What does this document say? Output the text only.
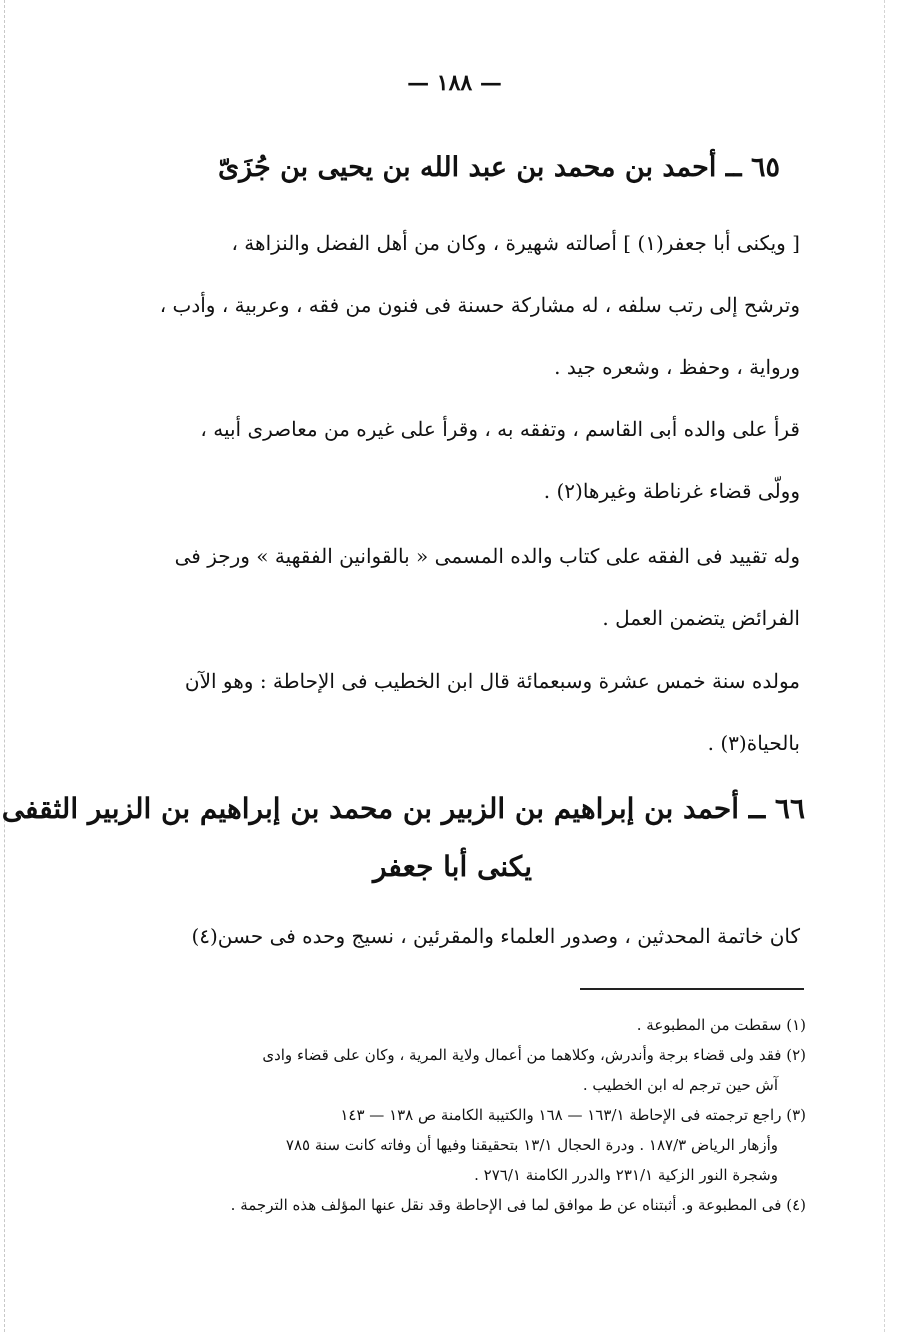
— ١٨٨ —
٦٥ ــ أحمد بن محمد بن عبد الله بن يحيى بن جُزَىّ
[ ويكنى أبا جعفر(١) ] أصالته شهيرة ، وكان من أهل الفضل والنزاهة ،
وترشح إلى رتب سلفه ، له مشاركة حسنة فى فنون من فقه ، وعربية ، وأدب ،
ورواية ، وحفظ ، وشعره جيد .
قرأ على والده أبى القاسم ، وتفقه به ، وقرأ على غيره من معاصرى أبيه ،
وولّى قضاء غرناطة وغيرها(٢) .
وله تقييد فى الفقه على كتاب والده المسمى « بالقوانين الفقهية » ورجز فى
الفرائض يتضمن العمل .
مولده سنة خمس عشرة وسبعمائة قال ابن الخطيب فى الإحاطة : وهو الآن
بالحياة(٣) .
٦٦ ــ أحمد بن إبراهيم بن الزبير بن محمد بن إبراهيم بن الزبير الثقفى
يكنى أبا جعفر
كان خاتمة المحدثين ، وصدور العلماء والمقرئين ، نسيج وحده فى حسن(٤)
(١) سقطت من المطبوعة .
(٢) فقد ولى قضاء برجة وأندرش، وكلاهما من أعمال ولاية المرية ، وكان على قضاء وادى
آش حين ترجم له ابن الخطيب .
(٣) راجع ترجمته فى الإحاطة ١٦٣/١ — ١٦٨ والكتيبة الكامنة ص ١٣٨ — ١٤٣
وأزهار الرياض ١٨٧/٣ . ودرة الحجال ١٣/١ بتحقيقنا وفيها أن وفاته كانت سنة ٧٨٥
وشجرة النور الزكية ٢٣١/١ والدرر الكامنة ٢٧٦/١ .
(٤) فى المطبوعة و. أثبتناه عن ط موافق لما فى الإحاطة وقد نقل عنها المؤلف هذه الترجمة .
